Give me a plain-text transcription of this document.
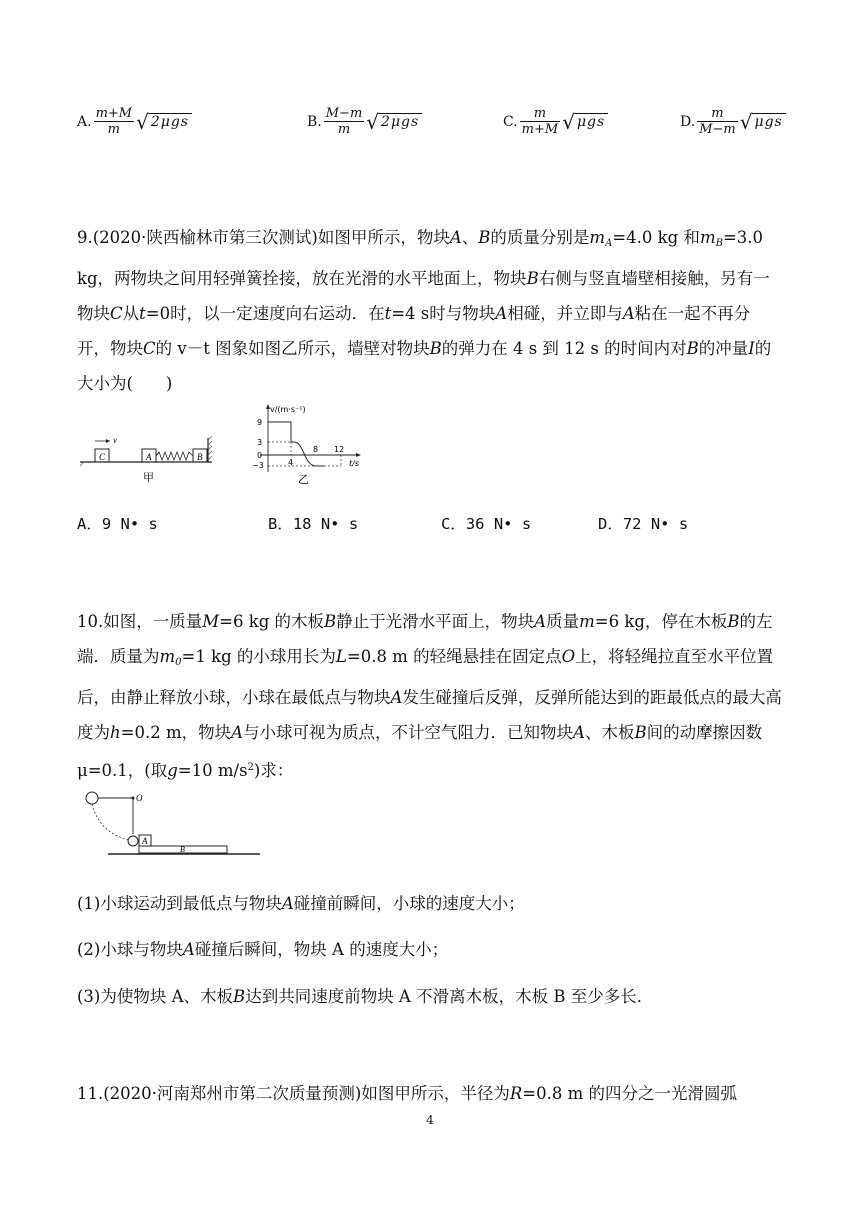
A. $\frac{m+M}{m}$ √ 2μgs	B. $\frac{M-m}{m}$ √ 2μgs	C. $\frac{m}{m+M}$ √ μgs	D. $\frac{m}{M-m}$ √ μgs
9.(2020·陕西榆林市第三次测试)如图甲所示，物块A、B的质量分别是$m_A=4.0$ kg 和$m_B=3.0$ kg，两物块之间用轻弹簧拴接，放在光滑的水平地面上，物块B右侧与竖直墙壁相接触，另有一物块C从t=0时，以一定速度向右运动．在t=4 s时与物块A相碰，并立即与A粘在一起不再分开，物块C的 v－t 图象如图乙所示，墙壁对物块B的弹力在 4 s 到 12 s 的时间内对B的冲量I的大小为(　　)
C
v
A	B
甲
v/(m·s⁻¹)
9
3
0
−3	4
8 12
t/s
乙
A．9 N• s	B．18 N• s	C．36 N• s	D．72 N• s
10.如图，一质量M=6 kg 的木板B静止于光滑水平面上，物块A质量m=6 kg，停在木板B的左端．质量为$m_0=1$ kg 的小球用长为L=0.8 m 的轻绳悬挂在固定点O上，将轻绳拉直至水平位置后，由静止释放小球，小球在最低点与物块A发生碰撞后反弹，反弹所能达到的距最低点的最大高度为h=0.2 m，物块A与小球可视为质点，不计空气阻力．已知物块A、木板B间的动摩擦因数 μ=0.1，(取g=10 $m/s^2$)求：
O
A
B
(1)小球运动到最低点与物块A碰撞前瞬间，小球的速度大小；
(2)小球与物块A碰撞后瞬间，物块 A 的速度大小；
(3)为使物块 A、木板B达到共同速度前物块 A 不滑离木板，木板 B 至少多长．
11.(2020·河南郑州市第二次质量预测)如图甲所示，半径为R=0.8 m 的四分之一光滑圆弧
4
